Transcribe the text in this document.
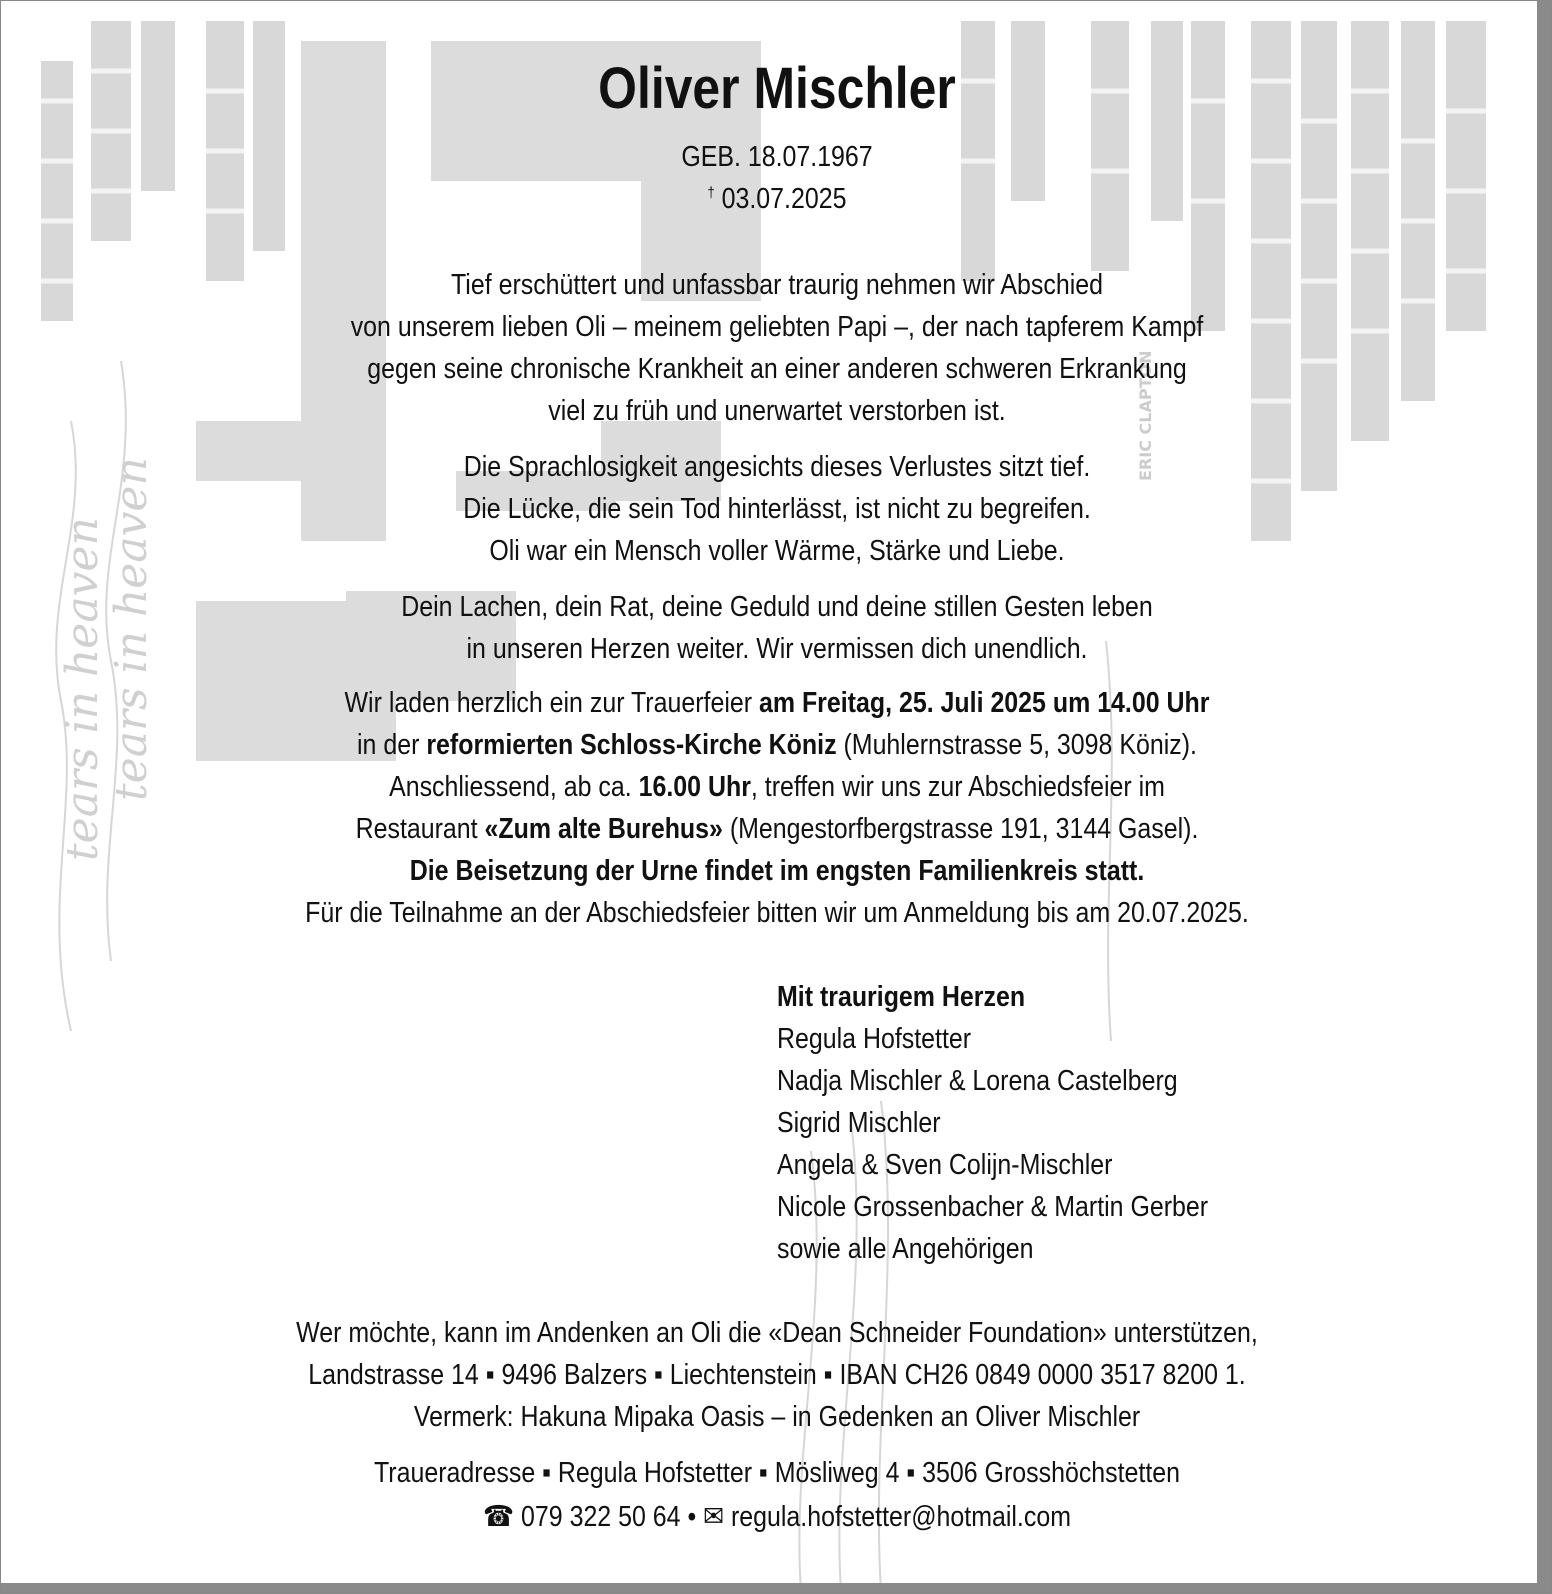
tears in heaven
tears in heaven
ERIC CLAPTON
Oliver Mischler
GEB. 18.07.1967
† 03.07.2025
Tief erschüttert und unfassbar traurig nehmen wir Abschied
von unserem lieben Oli – meinem geliebten Papi –, der nach tapferem Kampf
gegen seine chronische Krankheit an einer anderen schweren Erkrankung
viel zu früh und unerwartet verstorben ist.
Die Sprachlosigkeit angesichts dieses Verlustes sitzt tief.
Die Lücke, die sein Tod hinterlässt, ist nicht zu begreifen.
Oli war ein Mensch voller Wärme, Stärke und Liebe.
Dein Lachen, dein Rat, deine Geduld und deine stillen Gesten leben
in unseren Herzen weiter. Wir vermissen dich unendlich.
Wir laden herzlich ein zur Trauerfeier am Freitag, 25. Juli 2025 um 14.00 Uhr
in der reformierten Schloss-Kirche Köniz (Muhlernstrasse 5, 3098 Köniz).
Anschliessend, ab ca. 16.00 Uhr, treffen wir uns zur Abschiedsfeier im
Restaurant «Zum alte Burehus» (Mengestorfbergstrasse 191, 3144 Gasel).
Die Beisetzung der Urne findet im engsten Familienkreis statt.
Für die Teilnahme an der Abschiedsfeier bitten wir um Anmeldung bis am 20.07.2025.
Mit traurigem Herzen
Regula Hofstetter
Nadja Mischler & Lorena Castelberg
Sigrid Mischler
Angela & Sven Colijn-Mischler
Nicole Grossenbacher & Martin Gerber
sowie alle Angehörigen
Wer möchte, kann im Andenken an Oli die «Dean Schneider Foundation» unterstützen,
Landstrasse 14 ▪ 9496 Balzers ▪ Liechtenstein ▪ IBAN CH26 0849 0000 3517 8200 1.
Vermerk: Hakuna Mipaka Oasis – in Gedenken an Oliver Mischler
Traueradresse ▪ Regula Hofstetter ▪ Mösliweg 4 ▪ 3506 Grosshöchstetten
☎ 079 322 50 64 • ✉ regula.hofstetter@hotmail.com
